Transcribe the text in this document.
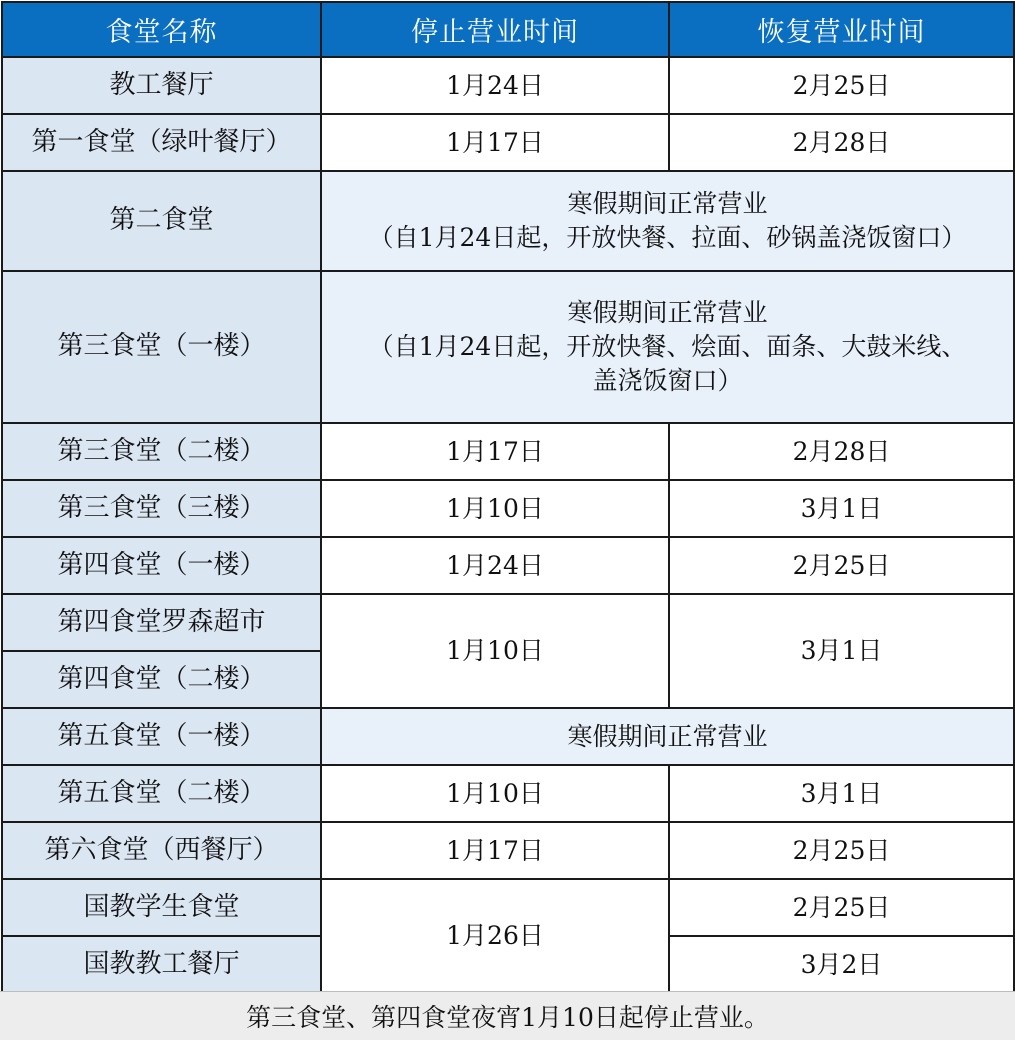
食堂名称	停止营业时间	恢复营业时间
教工餐厅	1月24日	2月25日
第一食堂（绿叶餐厅）	1月17日	2月28日
第二食堂	寒假期间正常营业
（自1月24日起，开放快餐、拉面、砂锅盖浇饭窗口）	

第三食堂（一楼）	寒假期间正常营业
（自1月24日起，开放快餐、烩面、面条、大鼓米线、
盖浇饭窗口）	

第三食堂（二楼）	1月17日	2月28日
第三食堂（三楼）	1月10日	3月1日
第四食堂（一楼）	1月24日	2月25日
第四食堂罗森超市	1月10日	3月1日
第四食堂（二楼）		
第五食堂（一楼）	寒假期间正常营业	
第五食堂（二楼）	1月10日	3月1日
第六食堂（西餐厅）	1月17日	2月25日
国教学生食堂	1月26日	2月25日
国教教工餐厅		3月2日
第三食堂、第四食堂夜宵1月10日起停止营业。
